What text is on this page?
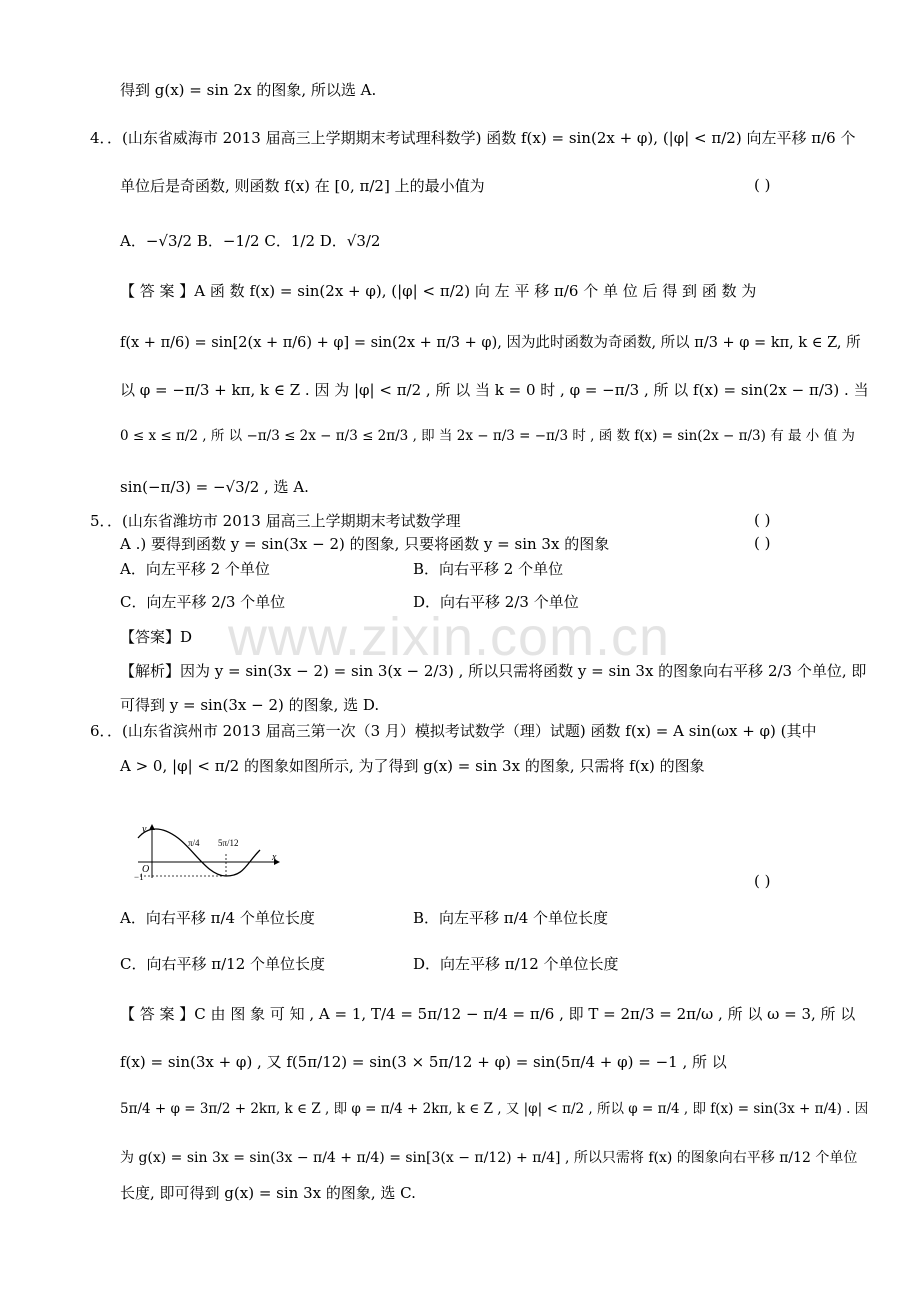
www.zixin.com.cn
得到 g(x) = sin 2x 的图象, 所以选 A.
4．．(山东省威海市 2013 届高三上学期期末考试理科数学) 函数 f(x) = sin(2x + φ), (|φ| < π/2) 向左平移 π/6 个
单位后是奇函数, 则函数 f(x) 在 [0, π/2] 上的最小值为
A．−√3/2 B．−1/2 C．1/2 D．√3/2
【 答 案 】A 函 数 f(x) = sin(2x + φ), (|φ| < π/2) 向 左 平 移 π/6 个 单 位 后 得 到 函 数 为
f(x + π/6) = sin[2(x + π/6) + φ] = sin(2x + π/3 + φ), 因为此时函数为奇函数, 所以 π/3 + φ = kπ, k ∈ Z, 所
以 φ = −π/3 + kπ, k ∈ Z . 因 为 |φ| < π/2 , 所 以 当 k = 0 时 , φ = −π/3 , 所 以 f(x) = sin(2x − π/3) . 当
0 ≤ x ≤ π/2 , 所 以 −π/3 ≤ 2x − π/3 ≤ 2π/3 , 即 当 2x − π/3 = −π/3 时 , 函 数 f(x) = sin(2x − π/3) 有 最 小 值 为
sin(−π/3) = −√3/2 , 选 A.
5．．(山东省潍坊市 2013 届高三上学期期末考试数学理
A .) 要得到函数 y = sin(3x − 2) 的图象, 只要将函数 y = sin 3x 的图象
A．向左平移 2 个单位	B．向右平移 2 个单位
C．向左平移 2/3 个单位	D．向右平移 2/3 个单位
【答案】D
【解析】因为 y = sin(3x − 2) = sin 3(x − 2/3) , 所以只需将函数 y = sin 3x 的图象向右平移 2/3 个单位, 即
可得到 y = sin(3x − 2) 的图象, 选 D.
6．．(山东省滨州市 2013 届高三第一次（3 月）模拟考试数学（理）试题) 函数 f(x) = A sin(ωx + φ) (其中
A > 0, |φ| < π/2 的图象如图所示, 为了得到 g(x) = sin 3x 的图象, 只需将 f(x) 的图象
A．向右平移 π/4 个单位长度	B．向左平移 π/4 个单位长度
C．向右平移 π/12 个单位长度	D．向左平移 π/12 个单位长度
【 答 案 】C 由 图 象 可 知 , A = 1, T/4 = 5π/12 − π/4 = π/6 , 即 T = 2π/3 = 2π/ω , 所 以 ω = 3, 所 以
f(x) = sin(3x + φ) , 又 f(5π/12) = sin(3 × 5π/12 + φ) = sin(5π/4 + φ) = −1 , 所 以
5π/4 + φ = 3π/2 + 2kπ, k ∈ Z , 即 φ = π/4 + 2kπ, k ∈ Z , 又 |φ| < π/2 , 所以 φ = π/4 , 即 f(x) = sin(3x + π/4) . 因
为 g(x) = sin 3x = sin(3x − π/4 + π/4) = sin[3(x − π/12) + π/4] , 所以只需将 f(x) 的图象向右平移 π/12 个单位
长度, 即可得到 g(x) = sin 3x 的图象, 选 C.
( )
( )
( )
( )
y
x
O
π/4 5π/12
−1
